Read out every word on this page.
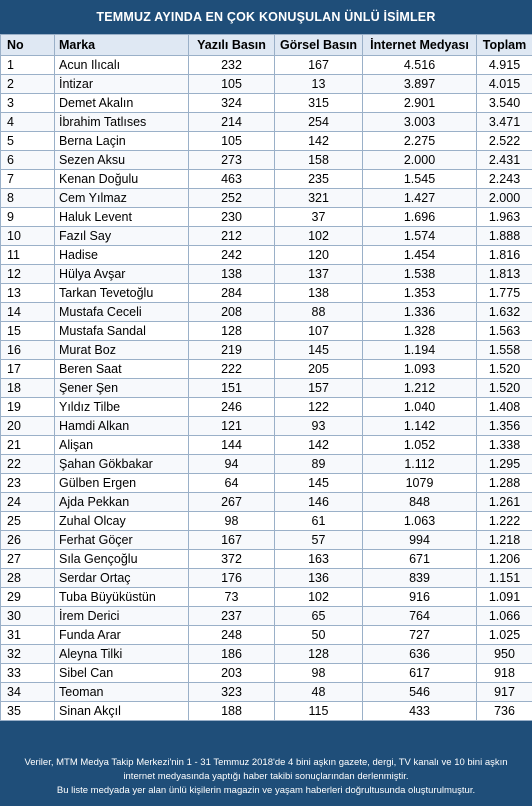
TEMMUZ AYINDA EN ÇOK KONUŞULAN ÜNLÜ İSİMLER
No	Marka	Yazılı Basın	Görsel Basın	İnternet Medyası	Toplam
1	Acun Ilıcalı	232	167	4.516	4.915
2	İntizar	105	13	3.897	4.015
3	Demet Akalın	324	315	2.901	3.540
4	İbrahim Tatlıses	214	254	3.003	3.471
5	Berna Laçin	105	142	2.275	2.522
6	Sezen Aksu	273	158	2.000	2.431
7	Kenan Doğulu	463	235	1.545	2.243
8	Cem Yılmaz	252	321	1.427	2.000
9	Haluk Levent	230	37	1.696	1.963
10	Fazıl Say	212	102	1.574	1.888
11	Hadise	242	120	1.454	1.816
12	Hülya Avşar	138	137	1.538	1.813
13	Tarkan Tevetoğlu	284	138	1.353	1.775
14	Mustafa Ceceli	208	88	1.336	1.632
15	Mustafa Sandal	128	107	1.328	1.563
16	Murat Boz	219	145	1.194	1.558
17	Beren Saat	222	205	1.093	1.520
18	Şener Şen	151	157	1.212	1.520
19	Yıldız Tilbe	246	122	1.040	1.408
20	Hamdi Alkan	121	93	1.142	1.356
21	Alişan	144	142	1.052	1.338
22	Şahan Gökbakar	94	89	1.112	1.295
23	Gülben Ergen	64	145	1079	1.288
24	Ajda Pekkan	267	146	848	1.261
25	Zuhal Olcay	98	61	1.063	1.222
26	Ferhat Göçer	167	57	994	1.218
27	Sıla Gençoğlu	372	163	671	1.206
28	Serdar Ortaç	176	136	839	1.151
29	Tuba Büyüküstün	73	102	916	1.091
30	İrem Derici	237	65	764	1.066
31	Funda Arar	248	50	727	1.025
32	Aleyna Tilki	186	128	636	950
33	Sibel Can	203	98	617	918
34	Teoman	323	48	546	917
35	Sinan Akçıl	188	115	433	736
Veriler, MTM Medya Takip Merkezi'nin 1 - 31 Temmuz 2018'de 4 bini aşkın gazete, dergi, TV kanalı ve 10 bini aşkın
internet medyasında yaptığı haber takibi sonuçlarından derlenmiştir.
Bu liste medyada yer alan ünlü kişilerin magazin ve yaşam haberleri doğrultusunda oluşturulmuştur.
